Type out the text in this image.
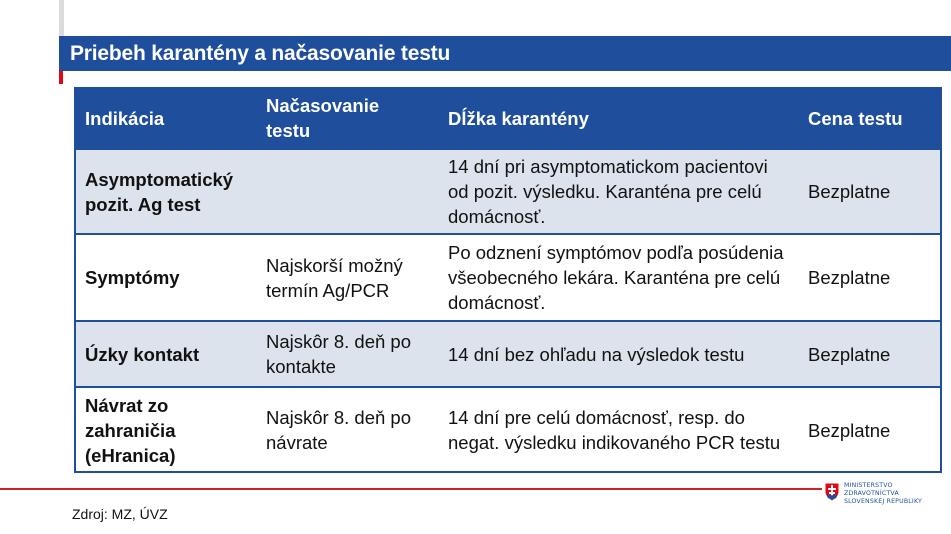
Priebeh karantény a načasovanie testu
Indikácia	Načasovanie testu	Dĺžka karantény	Cena testu
Asymptomatický pozit. Ag test		14 dní pri asymptomatickom pacientovi od pozit. výsledku. Karanténa pre celú domácnosť.	Bezplatne
Symptómy	Najskorší možný termín Ag/PCR	Po odznení symptómov podľa posúdenia všeobecného lekára. Karanténa pre celú domácnosť.	Bezplatne
Úzky kontakt	Najskôr 8. deň po kontakte	14 dní bez ohľadu na výsledok testu	Bezplatne
Návrat zo zahraničia (eHranica)	Najskôr 8. deň po návrate	14 dní pre celú domácnosť, resp. do negat. výsledku indikovaného PCR testu	Bezplatne
Zdroj: MZ, ÚVZ
MINISTERSTVO
ZDRAVOTNÍCTVA
SLOVENSKEJ REPUBLIKY
